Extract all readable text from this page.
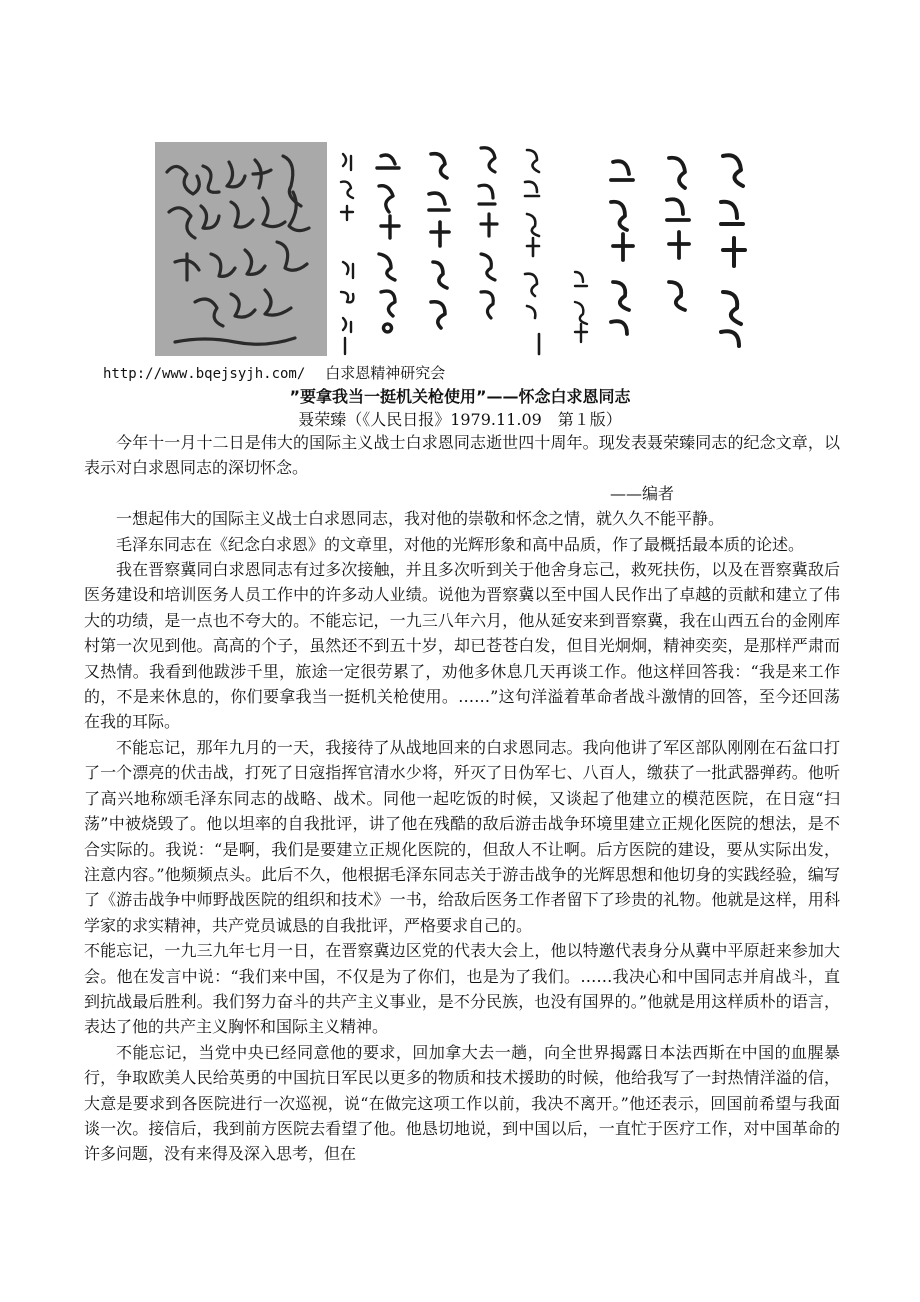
http://www.bqejsyjh.com/ 白求恩精神研究会
”要拿我当一挺机关枪使用”——怀念白求恩同志
聂荣臻（《人民日报》1979.11.09　第１版）

今年十一月十二日是伟大的国际主义战士白求恩同志逝世四十周年。现发表聂荣臻同志的纪念文章，以表示对白求恩同志的深切怀念。

——编者

一想起伟大的国际主义战士白求恩同志，我对他的崇敬和怀念之情，就久久不能平静。

毛泽东同志在《纪念白求恩》的文章里，对他的光辉形象和高中品质，作了最概括最本质的论述。

我在晋察冀同白求恩同志有过多次接触，并且多次听到关于他舍身忘己，救死扶伤，以及在晋察冀敌后医务建设和培训医务人员工作中的许多动人业绩。说他为晋察冀以至中国人民作出了卓越的贡献和建立了伟大的功绩，是一点也不夸大的。不能忘记，一九三八年六月，他从延安来到晋察冀，我在山西五台的金刚库村第一次见到他。高高的个子，虽然还不到五十岁，却已苍苍白发，但目光炯炯，精神奕奕，是那样严肃而又热情。我看到他跋涉千里，旅途一定很劳累了，劝他多休息几天再谈工作。他这样回答我：“我是来工作的，不是来休息的，你们要拿我当一挺机关枪使用。……”这句洋溢着革命者战斗激情的回答，至今还回荡在我的耳际。

不能忘记，那年九月的一天，我接待了从战地回来的白求恩同志。我向他讲了军区部队刚刚在石盆口打了一个漂亮的伏击战，打死了日寇指挥官清水少将，歼灭了日伪军七、八百人，缴获了一批武器弹药。他听了高兴地称颂毛泽东同志的战略、战术。同他一起吃饭的时候，又谈起了他建立的模范医院，在日寇“扫荡”中被烧毁了。他以坦率的自我批评，讲了他在残酷的敌后游击战争环境里建立正规化医院的想法，是不合实际的。我说：“是啊，我们是要建立正规化医院的，但敌人不让啊。后方医院的建设，要从实际出发，注意内容。”他频频点头。此后不久，他根据毛泽东同志关于游击战争的光辉思想和他切身的实践经验，编写了《游击战争中师野战医院的组织和技术》一书，给敌后医务工作者留下了珍贵的礼物。他就是这样，用科学家的求实精神，共产党员诚恳的自我批评，严格要求自己的。

不能忘记，一九三九年七月一日，在晋察冀边区党的代表大会上，他以特邀代表身分从冀中平原赶来参加大会。他在发言中说：“我们来中国，不仅是为了你们，也是为了我们。……我决心和中国同志并肩战斗，直到抗战最后胜利。我们努力奋斗的共产主义事业，是不分民族，也没有国界的。”他就是用这样质朴的语言，表达了他的共产主义胸怀和国际主义精神。

不能忘记，当党中央已经同意他的要求，回加拿大去一趟，向全世界揭露日本法西斯在中国的血腥暴行，争取欧美人民给英勇的中国抗日军民以更多的物质和技术援助的时候，他给我写了一封热情洋溢的信，大意是要求到各医院进行一次巡视，说“在做完这项工作以前，我决不离开。”他还表示，回国前希望与我面谈一次。接信后，我到前方医院去看望了他。他恳切地说，到中国以后，一直忙于医疗工作，对中国革命的许多问题，没有来得及深入思考，但在
